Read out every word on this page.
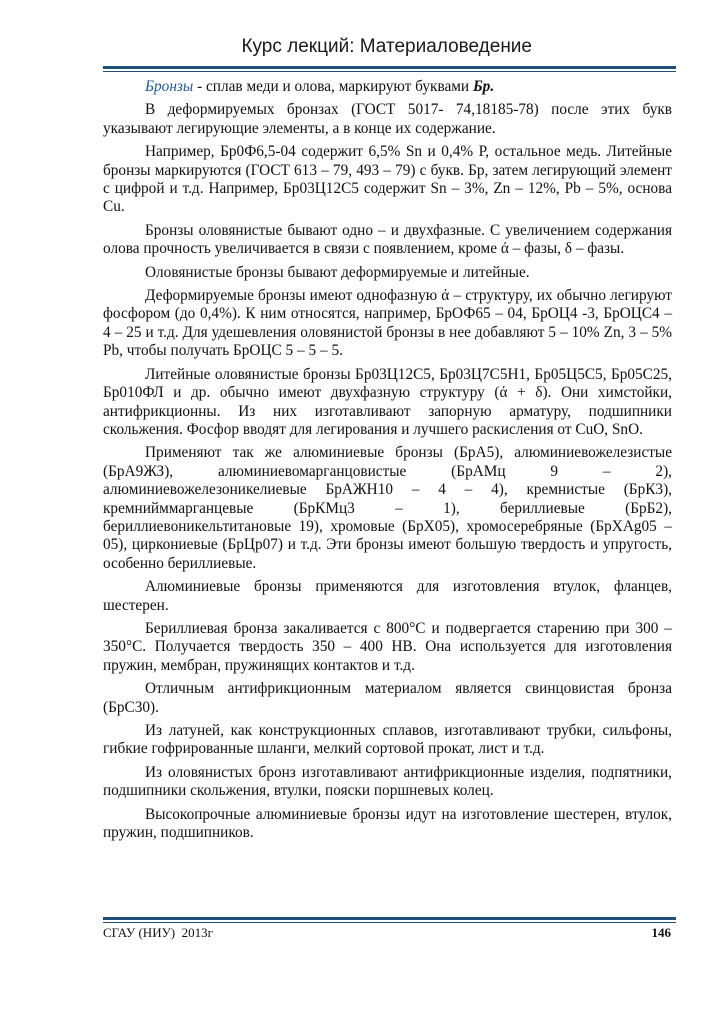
Курс лекций: Материаловедение

Бронзы - сплав меди и олова, маркируют буквами Бр.

В деформируемых бронзах (ГОСТ 5017- 74,18185-78) после этих букв указывают легирующие элементы, а в конце их содержание.

Например, Бр0Ф6,5-04 содержит 6,5% Sn и 0,4% Р, остальное медь. Литейные бронзы маркируются (ГОСТ 613 – 79, 493 – 79) с букв. Бр, затем легирующий элемент с цифрой и т.д. Например, Бр03Ц12С5 содержит Sn – 3%, Zn – 12%, Pb – 5%, основа Cu.

Бронзы оловянистые бывают одно – и двухфазные. С увеличением содержания олова прочность увеличивается в связи с появлением, кроме ά – фазы, δ – фазы.

Оловянистые бронзы бывают деформируемые и литейные.

Деформируемые бронзы имеют однофазную ά – структуру, их обычно легируют фосфором (до 0,4%). К ним относятся, например, БрОФ65 – 04, БрОЦ4 -3, БрОЦС4 – 4 – 25 и т.д. Для удешевления оловянистой бронзы в нее добавляют 5 – 10% Zn, 3 – 5% Pb, чтобы получать БрОЦС 5 – 5 – 5.

Литейные оловянистые бронзы Бр03Ц12С5, Бр03Ц7С5Н1, Бр05Ц5С5, Бр05С25, Бр010ФЛ и др. обычно имеют двухфазную структуру (ά + δ). Они химстойки, антифрикционны. Из них изготавливают запорную арматуру, подшипники скольжения. Фосфор вводят для легирования и лучшего раскисления от CuO, SnO.

Применяют так же алюминиевые бронзы (БрА5), алюминиевожелезистые (БрА9ЖЗ), алюминиевомарганцовистые (БрАМц 9 – 2), алюминиевожелезоникелиевые БрАЖН10 – 4 – 4), кремнистые (БрК3), кремнийммарганцевые (БрКМц3 – 1), бериллиевые (БрБ2), бериллиевоникельтитановые 19), хромовые (БрХ05), хромосеребряные (БрХАg05 – 05), циркониевые (БрЦр07) и т.д. Эти бронзы имеют большую твердость и упругость, особенно бериллиевые.

Алюминиевые бронзы применяются для изготовления втулок, фланцев, шестерен.

Бериллиевая бронза закаливается с 800°С и подвергается старению при 300 – 350°С. Получается твердость 350 – 400 НВ. Она используется для изготовления пружин, мембран, пружинящих контактов и т.д.

Отличным антифрикционным материалом является свинцовистая бронза (БрС30).

Из латуней, как конструкционных сплавов, изготавливают трубки, сильфоны, гибкие гофрированные шланги, мелкий сортовой прокат, лист и т.д.

Из оловянистых бронз изготавливают антифрикционные изделия, подпятники, подшипники скольжения, втулки, пояски поршневых колец.

Высокопрочные алюминиевые бронзы идут на изготовление шестерен, втулок, пружин, подшипников.

СГАУ (НИУ)  2013г	146
